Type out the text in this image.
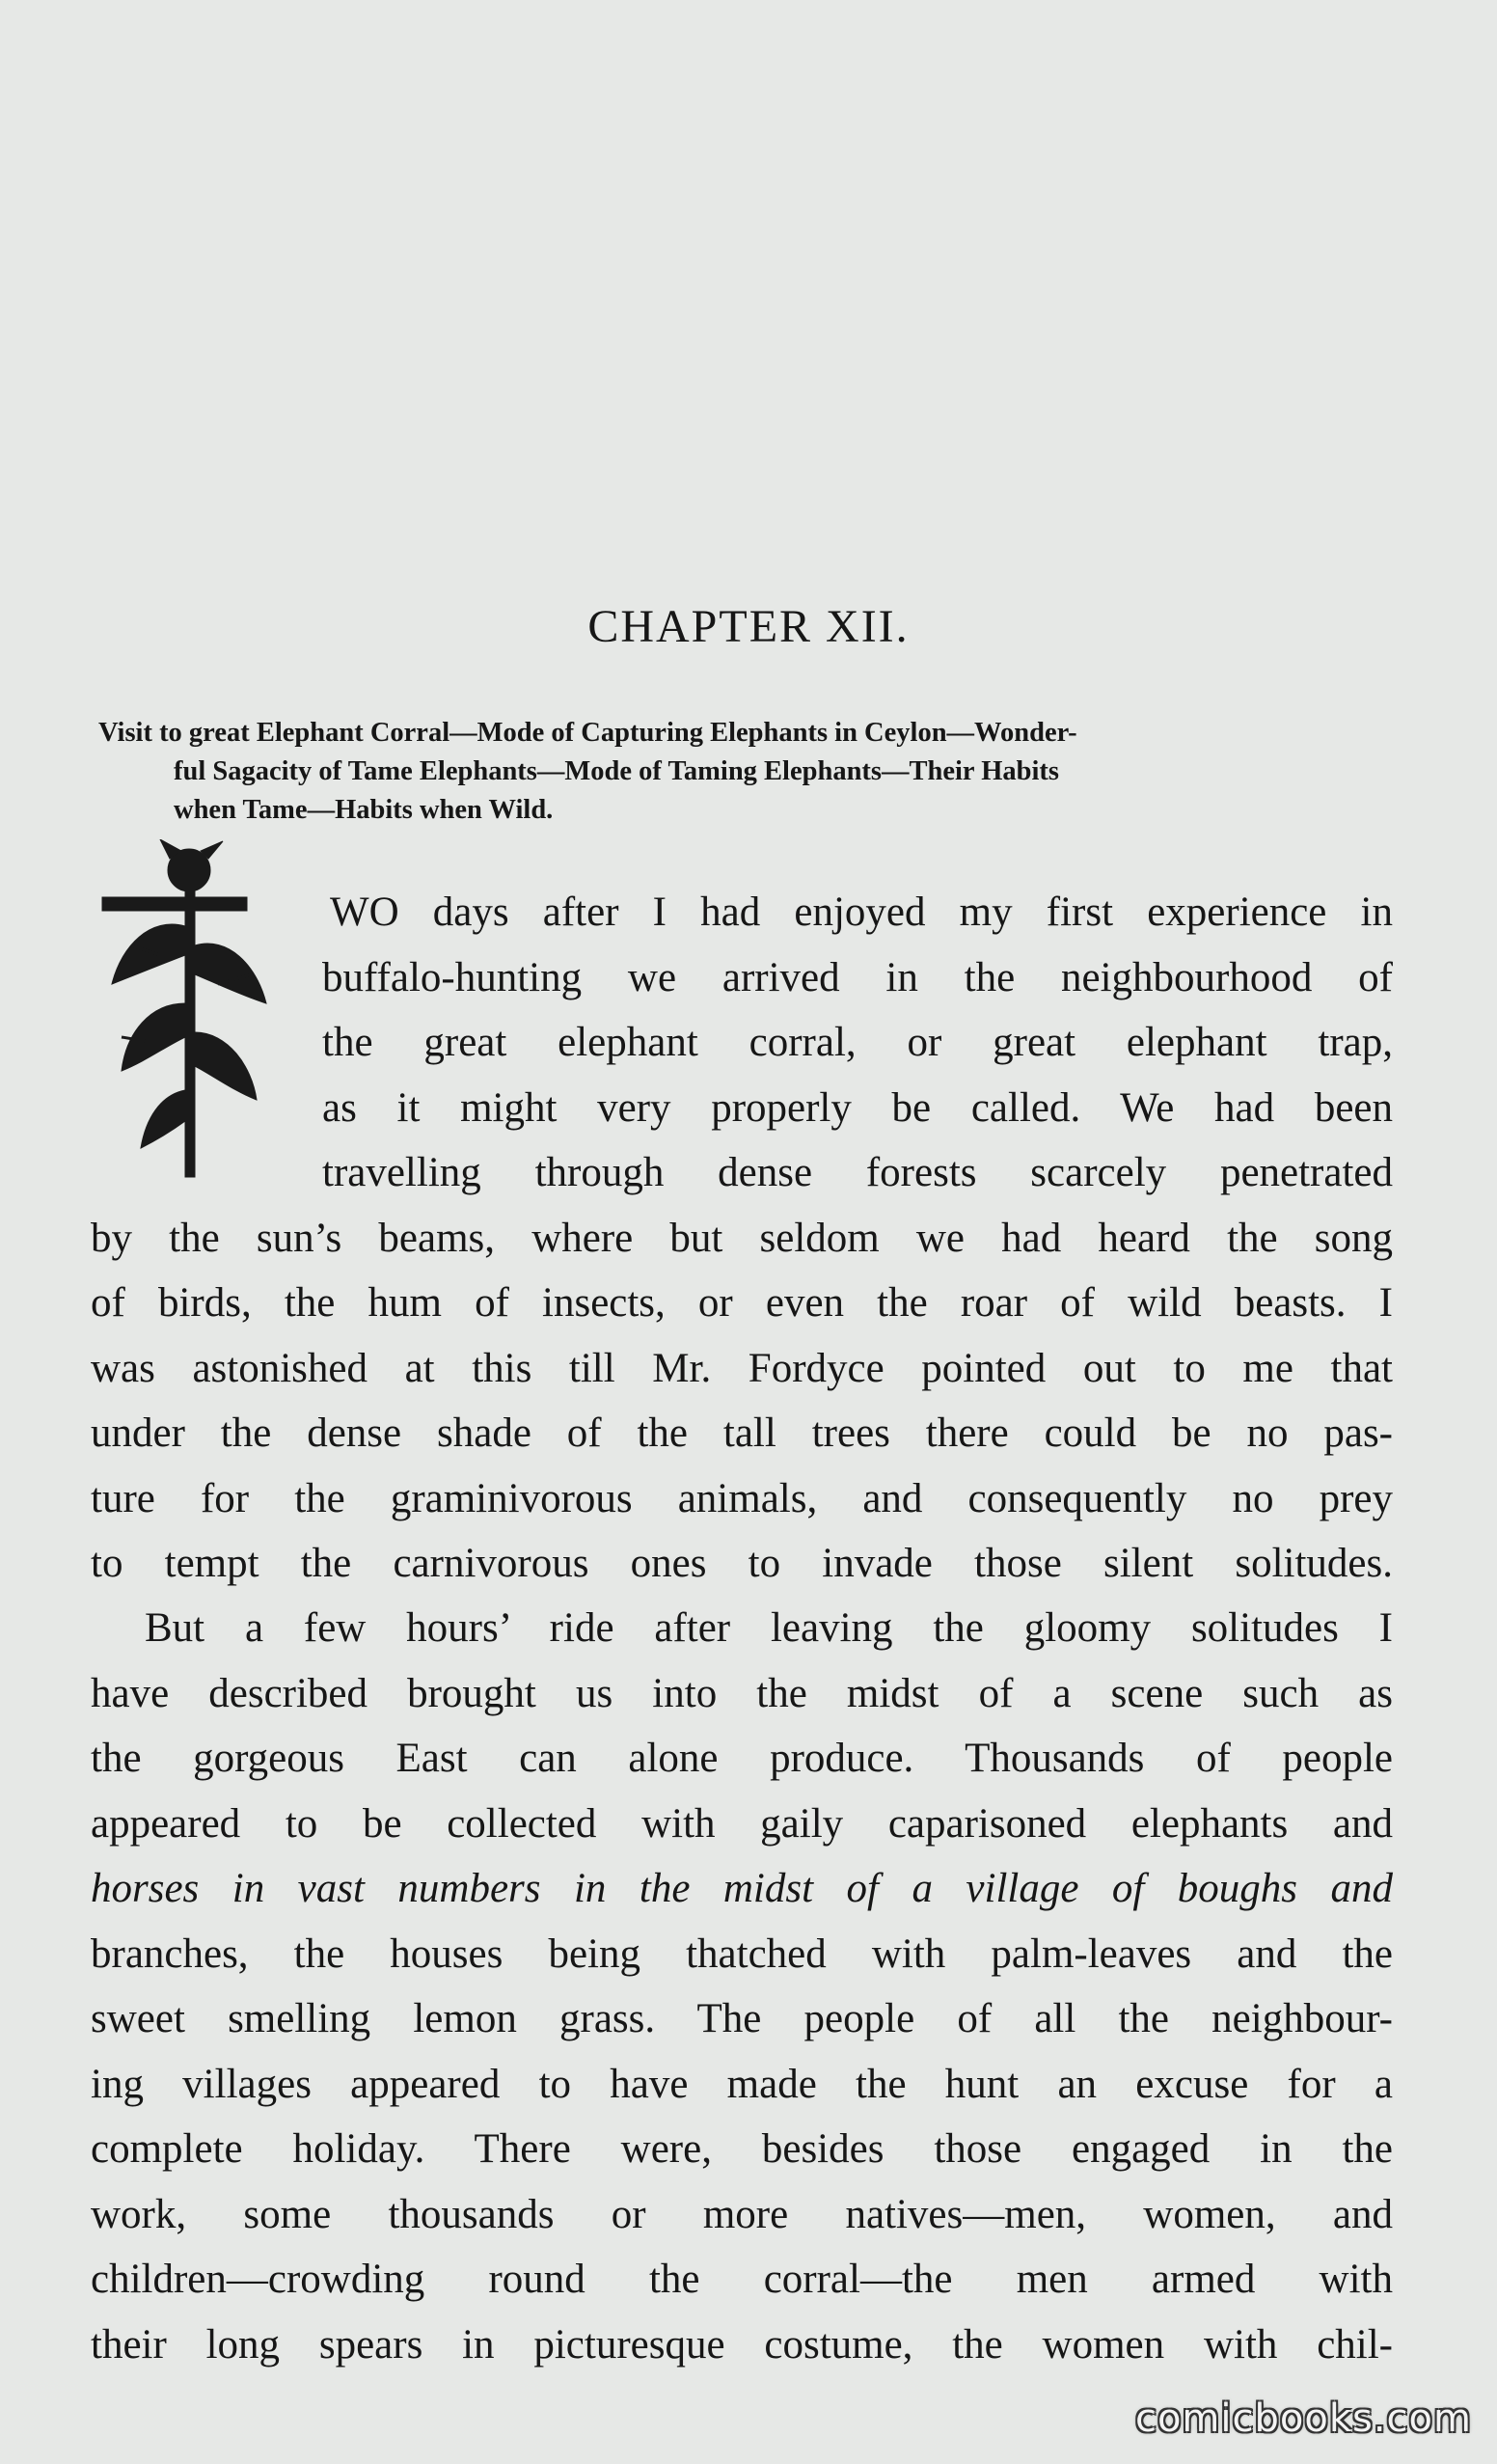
CHAPTER XII.
Visit to great Elephant Corral—Mode of Capturing Elephants in Ceylon—Wonder-
ful Sagacity of Tame Elephants—Mode of Taming Elephants—Their Habits
when Tame—Habits when Wild.
WO days after I had enjoyed my first experience in
buffalo-hunting we arrived in the neighbourhood of
the great elephant corral, or great elephant trap,
as it might very properly be called. We had been
travelling through dense forests scarcely penetrated
by the sun’s beams, where but seldom we had heard the song
of birds, the hum of insects, or even the roar of wild beasts. I
was astonished at this till Mr. Fordyce pointed out to me that
under the dense shade of the tall trees there could be no pas-
ture for the graminivorous animals, and consequently no prey
to tempt the carnivorous ones to invade those silent solitudes.
But a few hours’ ride after leaving the gloomy solitudes I
have described brought us into the midst of a scene such as
the gorgeous East can alone produce. Thousands of people
appeared to be collected with gaily caparisoned elephants and
horses in vast numbers in the midst of a village of boughs and
branches, the houses being thatched with palm-leaves and the
sweet smelling lemon grass. The people of all the neighbour-
ing villages appeared to have made the hunt an excuse for a
complete holiday. There were, besides those engaged in the
work, some thousands or more natives—men, women, and
children—crowding round the corral—the men armed with
their long spears in picturesque costume, the women with chil-
comicbooks.com
